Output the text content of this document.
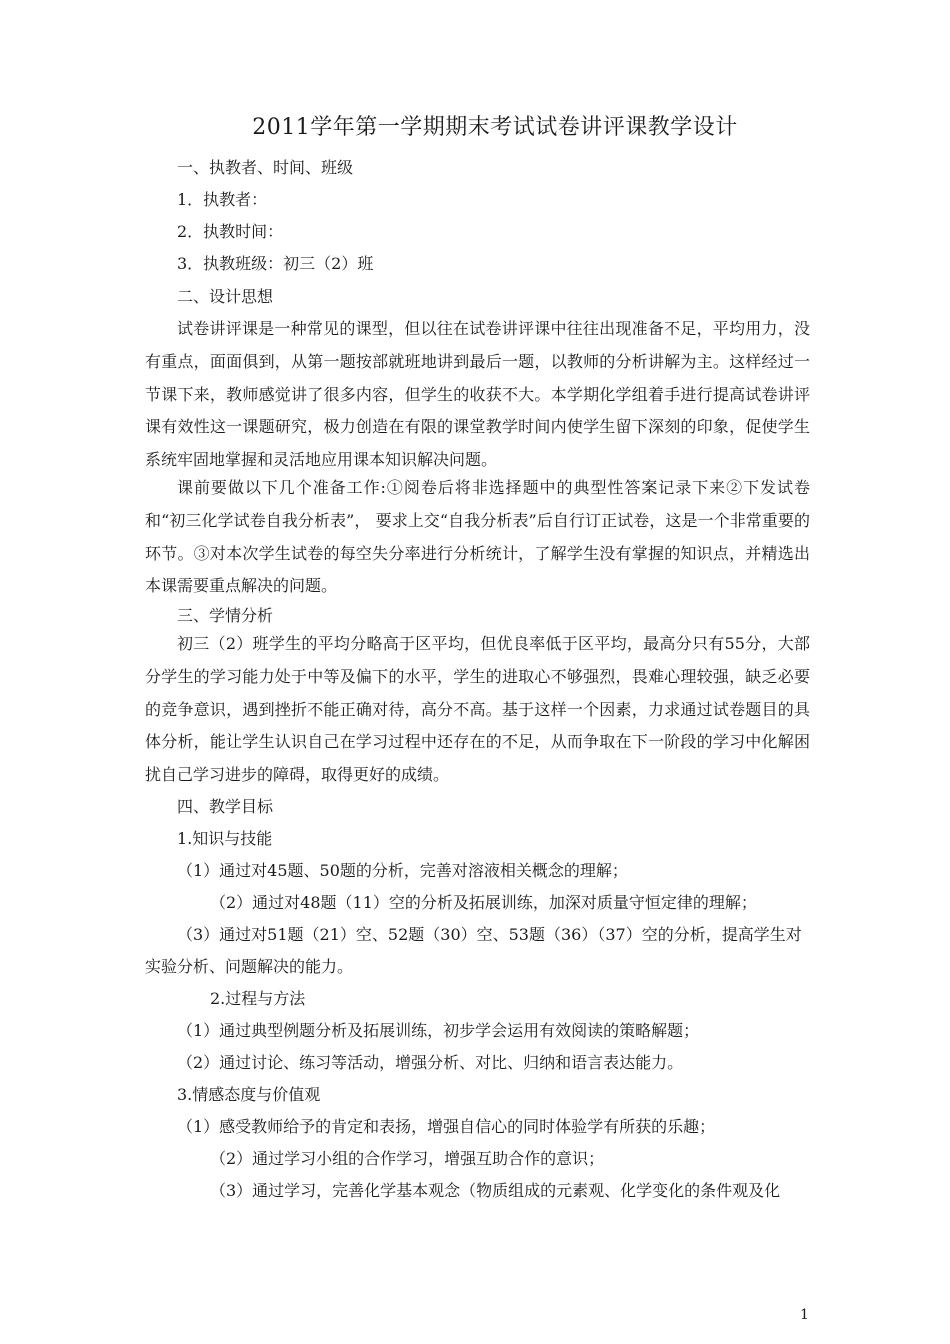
2011学年第一学期期末考试试卷讲评课教学设计
一、执教者、时间、班级
1．执教者：
2．执教时间：
3．执教班级：初三（2）班
二、设计思想
试卷讲评课是一种常见的课型，但以往在试卷讲评课中往往出现准备不足，平均用力，没有重点，面面俱到，从第一题按部就班地讲到最后一题，以教师的分析讲解为主。这样经过一节课下来，教师感觉讲了很多内容，但学生的收获不大。本学期化学组着手进行提高试卷讲评课有效性这一课题研究，极力创造在有限的课堂教学时间内使学生留下深刻的印象，促使学生系统牢固地掌握和灵活地应用课本知识解决问题。
课前要做以下几个准备工作:①阅卷后将非选择题中的典型性答案记录下来②下发试卷和“初三化学试卷自我分析表”， 要求上交“自我分析表”后自行订正试卷，这是一个非常重要的环节。③对本次学生试卷的每空失分率进行分析统计，了解学生没有掌握的知识点，并精选出本课需要重点解决的问题。
三、学情分析
初三（2）班学生的平均分略高于区平均，但优良率低于区平均，最高分只有55分，大部分学生的学习能力处于中等及偏下的水平，学生的进取心不够强烈，畏难心理较强，缺乏必要的竞争意识，遇到挫折不能正确对待，高分不高。基于这样一个因素，力求通过试卷题目的具体分析，能让学生认识自己在学习过程中还存在的不足，从而争取在下一阶段的学习中化解困扰自己学习进步的障碍，取得更好的成绩。
四、教学目标
1.知识与技能
（1）通过对45题、50题的分析，完善对溶液相关概念的理解；
（2）通过对48题（11）空的分析及拓展训练，加深对质量守恒定律的理解；
（3）通过对51题（21）空、52题（30）空、53题（36）（37）空的分析，提高学生对
实验分析、问题解决的能力。
2.过程与方法
（1）通过典型例题分析及拓展训练，初步学会运用有效阅读的策略解题；
（2）通过讨论、练习等活动，增强分析、对比、归纳和语言表达能力。
3.情感态度与价值观
（1）感受教师给予的肯定和表扬，增强自信心的同时体验学有所获的乐趣；
（2）通过学习小组的合作学习，增强互助合作的意识；
（3）通过学习，完善化学基本观念（物质组成的元素观、化学变化的条件观及化
1
